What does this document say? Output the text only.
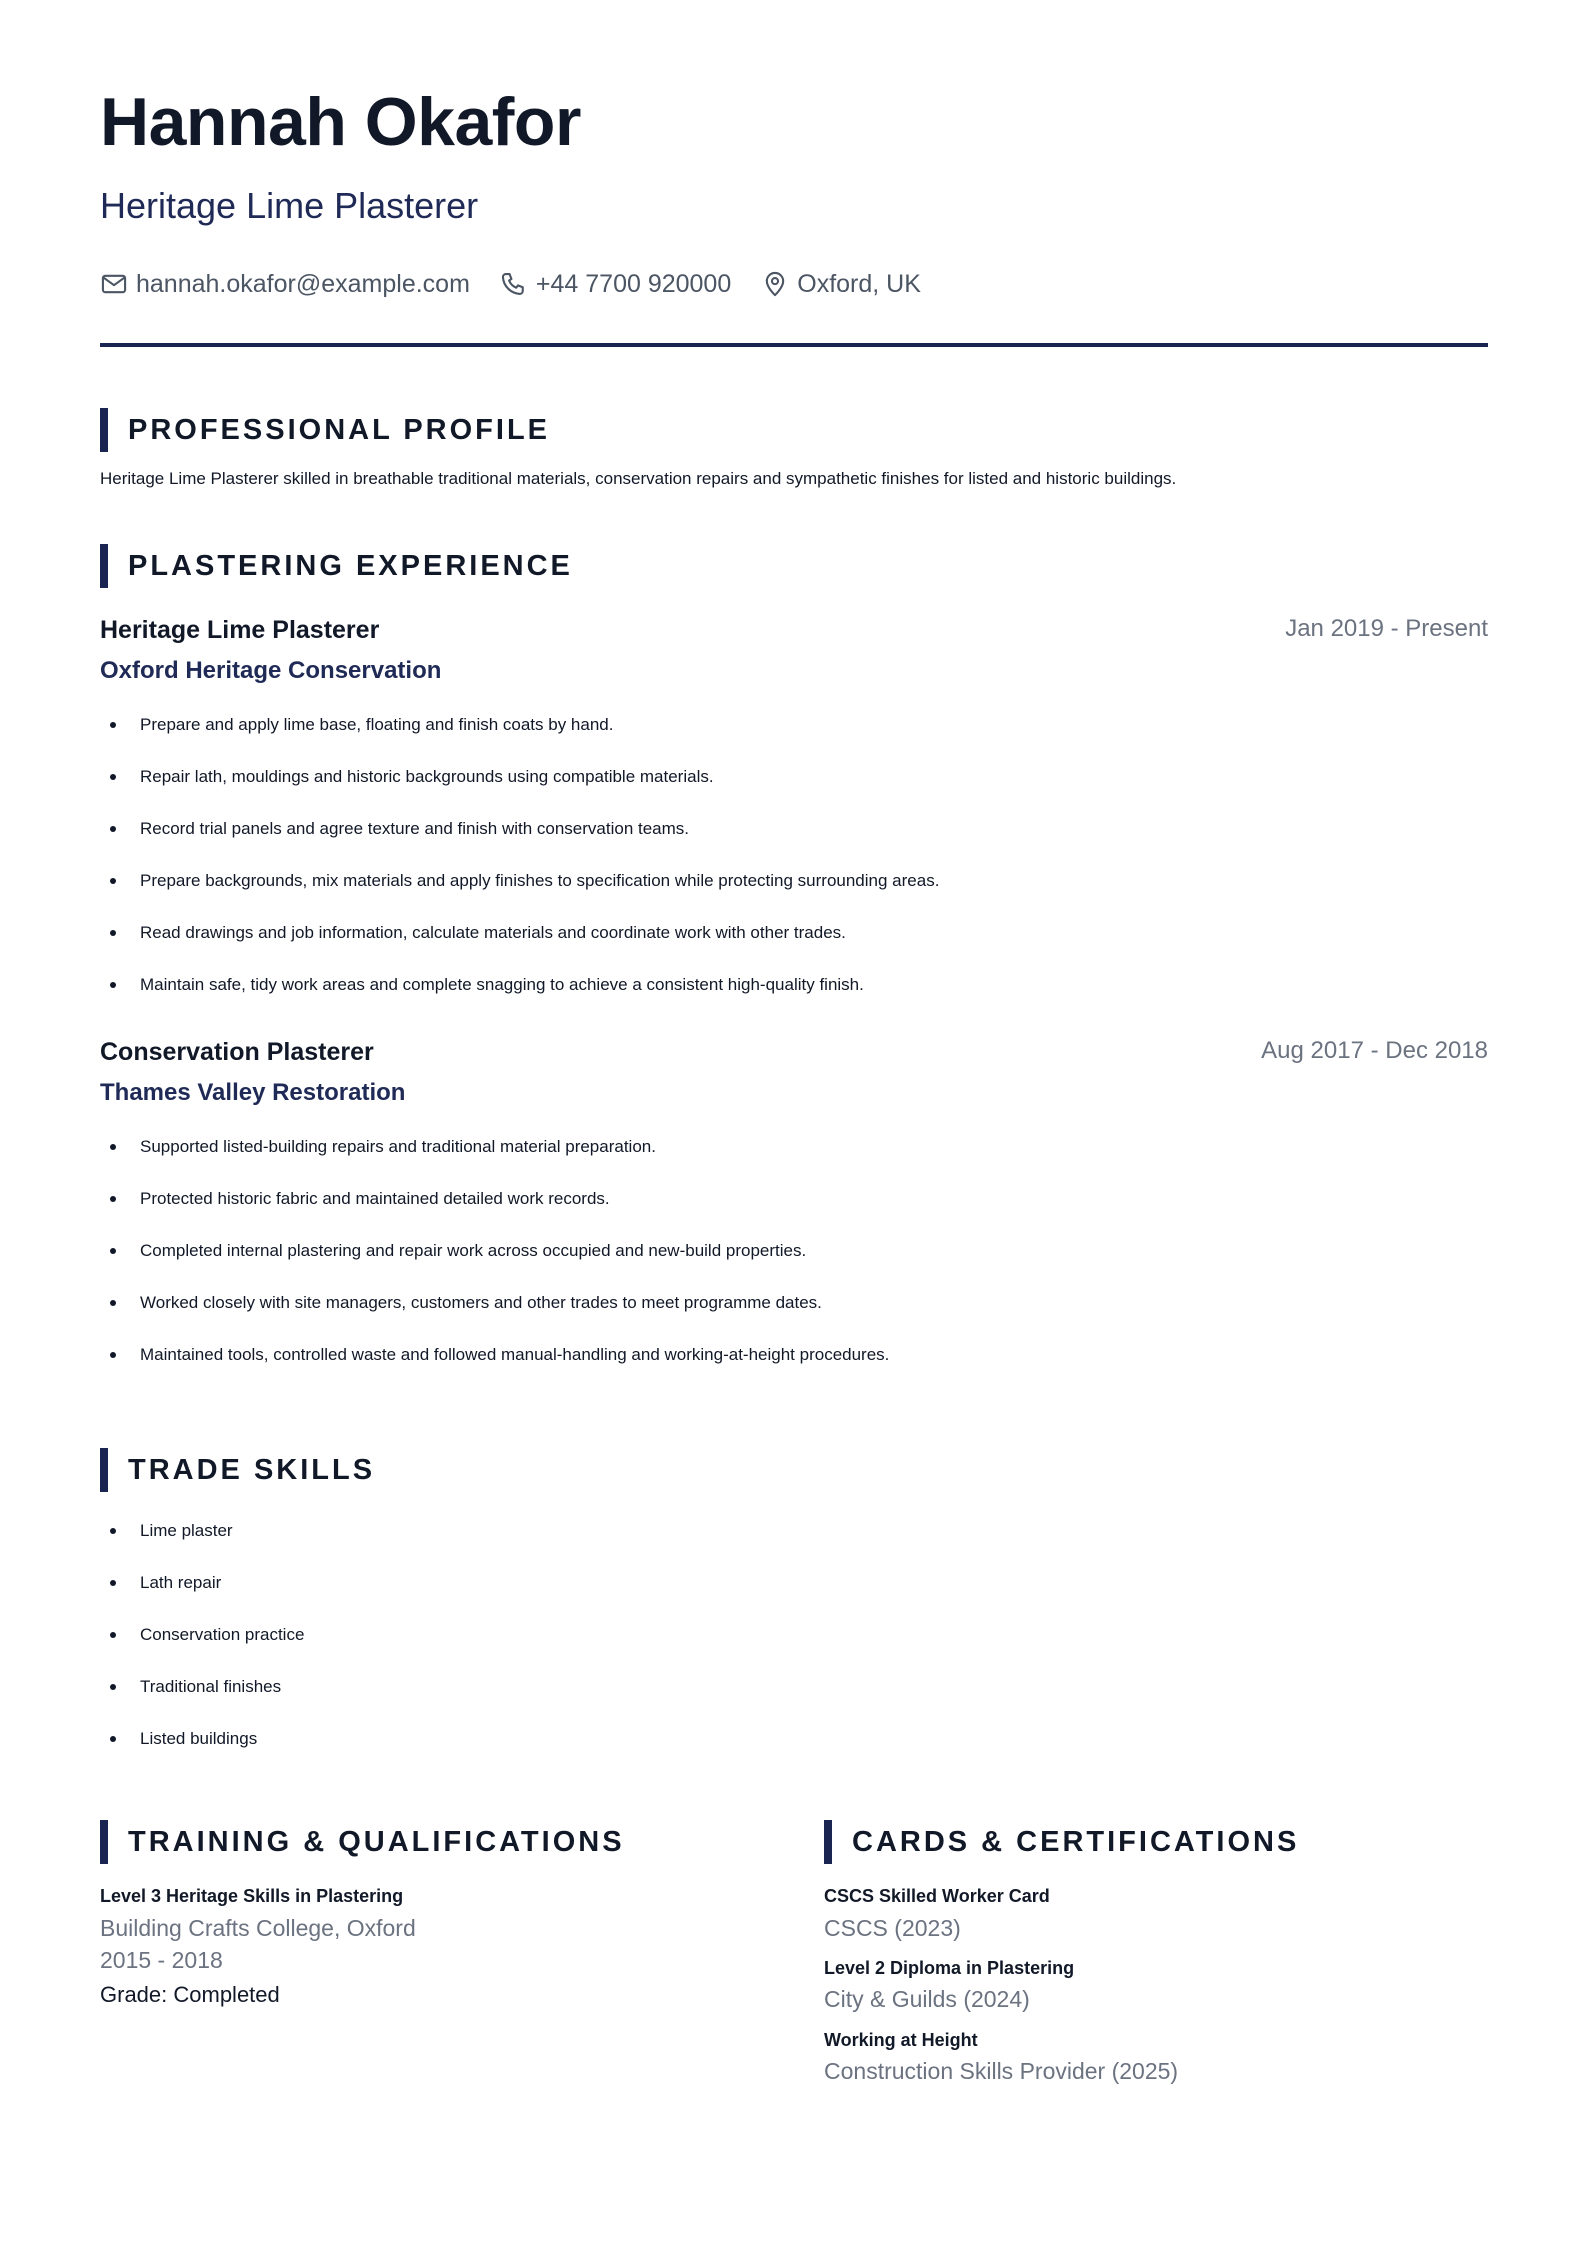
Hannah Okafor
Heritage Lime Plasterer
hannah.okafor@example.com	+44 7700 920000	Oxford, UK
PROFESSIONAL PROFILE

Heritage Lime Plasterer skilled in breathable traditional materials, conservation repairs and sympathetic finishes for listed and historic buildings.

PLASTERING EXPERIENCE
Heritage Lime Plasterer	Jan 2019 - Present
Oxford Heritage Conservation
Prepare and apply lime base, floating and finish coats by hand.
Repair lath, mouldings and historic backgrounds using compatible materials.
Record trial panels and agree texture and finish with conservation teams.
Prepare backgrounds, mix materials and apply finishes to specification while protecting surrounding areas.
Read drawings and job information, calculate materials and coordinate work with other trades.
Maintain safe, tidy work areas and complete snagging to achieve a consistent high-quality finish.
Conservation Plasterer	Aug 2017 - Dec 2018
Thames Valley Restoration
Supported listed-building repairs and traditional material preparation.
Protected historic fabric and maintained detailed work records.
Completed internal plastering and repair work across occupied and new-build properties.
Worked closely with site managers, customers and other trades to meet programme dates.
Maintained tools, controlled waste and followed manual-handling and working-at-height procedures.
TRADE SKILLS
Lime plaster
Lath repair
Conservation practice
Traditional finishes
Listed buildings
TRAINING & QUALIFICATIONS
Level 3 Heritage Skills in Plastering
Building Crafts College, Oxford
2015 - 2018
Grade: Completed
CARDS & CERTIFICATIONS
CSCS Skilled Worker Card
CSCS (2023)
Level 2 Diploma in Plastering
City & Guilds (2024)
Working at Height
Construction Skills Provider (2025)
